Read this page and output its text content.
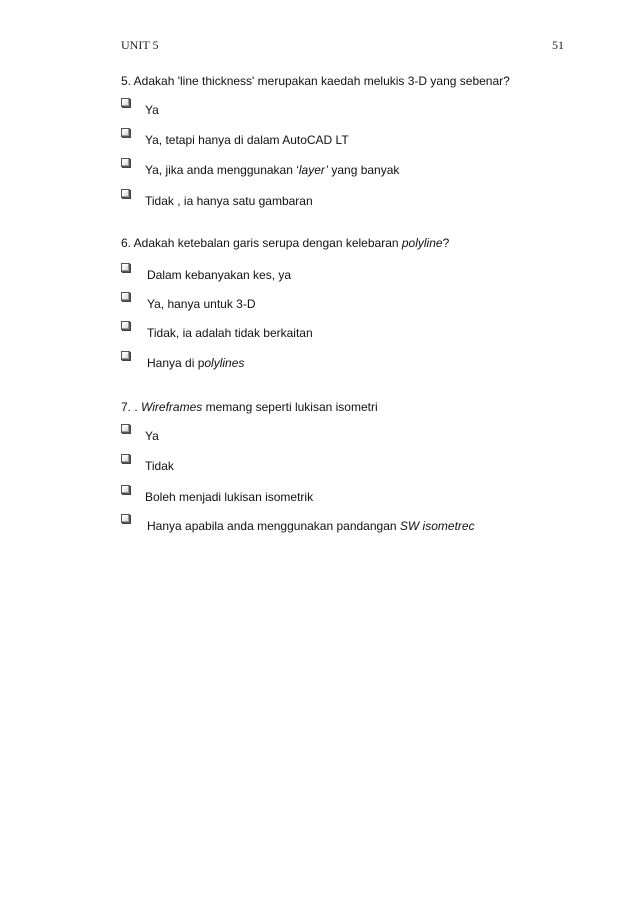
UNIT 5	51
5. Adakah 'line thickness' merupakan kaedah melukis 3-D yang sebenar?
Ya
Ya, tetapi hanya di dalam AutoCAD LT
Ya, jika anda menggunakan ‘layer’ yang banyak
Tidak , ia hanya satu gambaran
6. Adakah ketebalan garis serupa dengan kelebaran polyline?
Dalam kebanyakan kes, ya
Ya, hanya untuk 3-D
Tidak, ia adalah tidak berkaitan
Hanya di polylines
7. . Wireframes memang seperti lukisan isometri
Ya
Tidak
Boleh menjadi lukisan isometrik
Hanya apabila anda menggunakan pandangan SW isometrec
